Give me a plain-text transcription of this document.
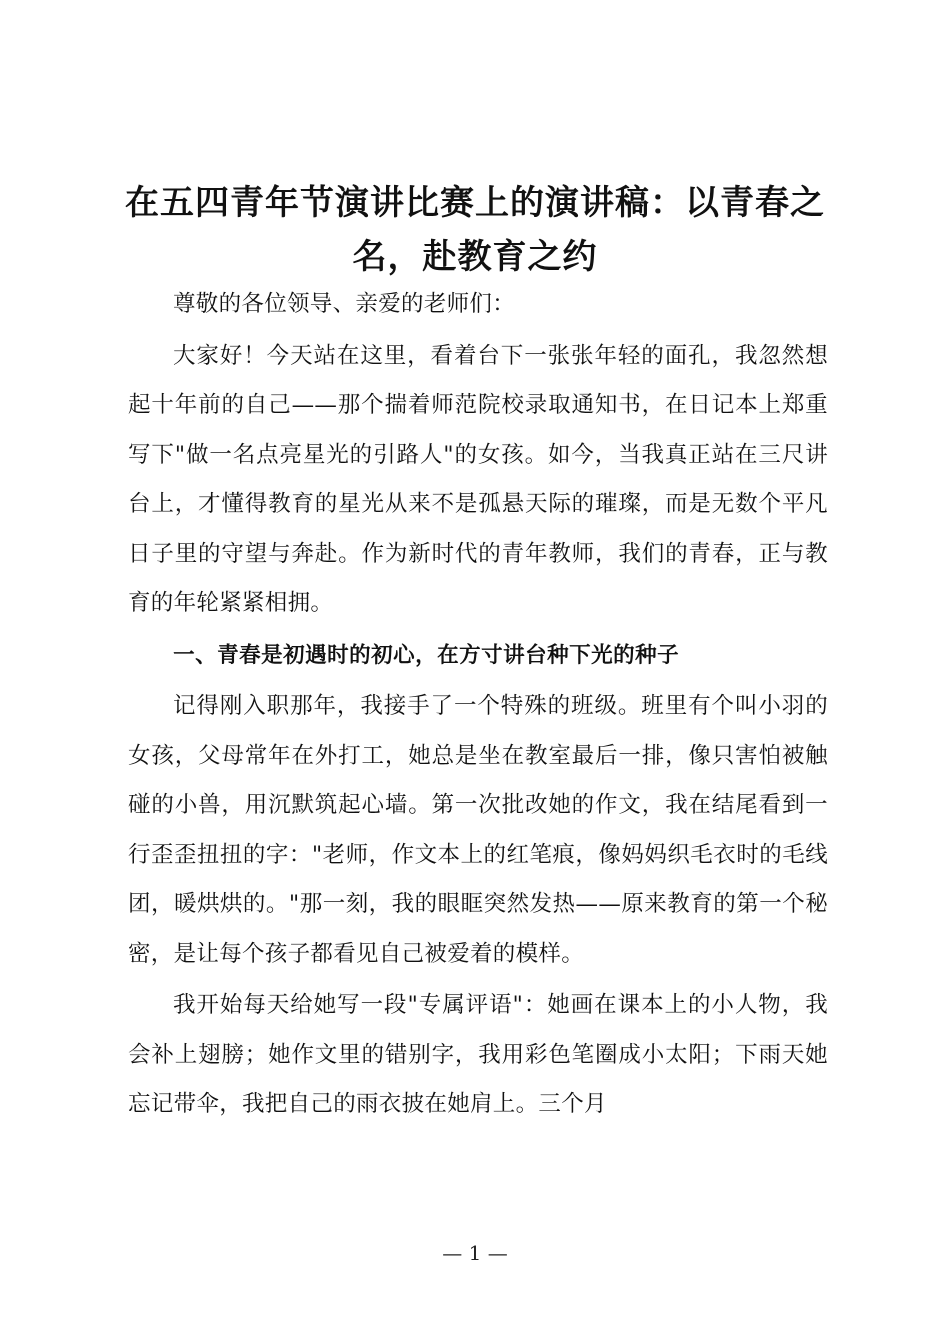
在五四青年节演讲比赛上的演讲稿：以青春之名，赴教育之约

尊敬的各位领导、亲爱的老师们：

大家好！今天站在这里，看着台下一张张年轻的面孔，我忽然想起十年前的自己——那个揣着师范院校录取通知书，在日记本上郑重写下"做一名点亮星光的引路人"的女孩。如今，当我真正站在三尺讲台上，才懂得教育的星光从来不是孤悬天际的璀璨，而是无数个平凡日子里的守望与奔赴。作为新时代的青年教师，我们的青春，正与教育的年轮紧紧相拥。

一、青春是初遇时的初心，在方寸讲台种下光的种子

记得刚入职那年，我接手了一个特殊的班级。班里有个叫小羽的女孩，父母常年在外打工，她总是坐在教室最后一排，像只害怕被触碰的小兽，用沉默筑起心墙。第一次批改她的作文，我在结尾看到一行歪歪扭扭的字："老师，作文本上的红笔痕，像妈妈织毛衣时的毛线团，暖烘烘的。"那一刻，我的眼眶突然发热——原来教育的第一个秘密，是让每个孩子都看见自己被爱着的模样。

我开始每天给她写一段"专属评语"：她画在课本上的小人物，我会补上翅膀；她作文里的错别字，我用彩色笔圈成小太阳；下雨天她忘记带伞，我把自己的雨衣披在她肩上。三个月

— 1 —
